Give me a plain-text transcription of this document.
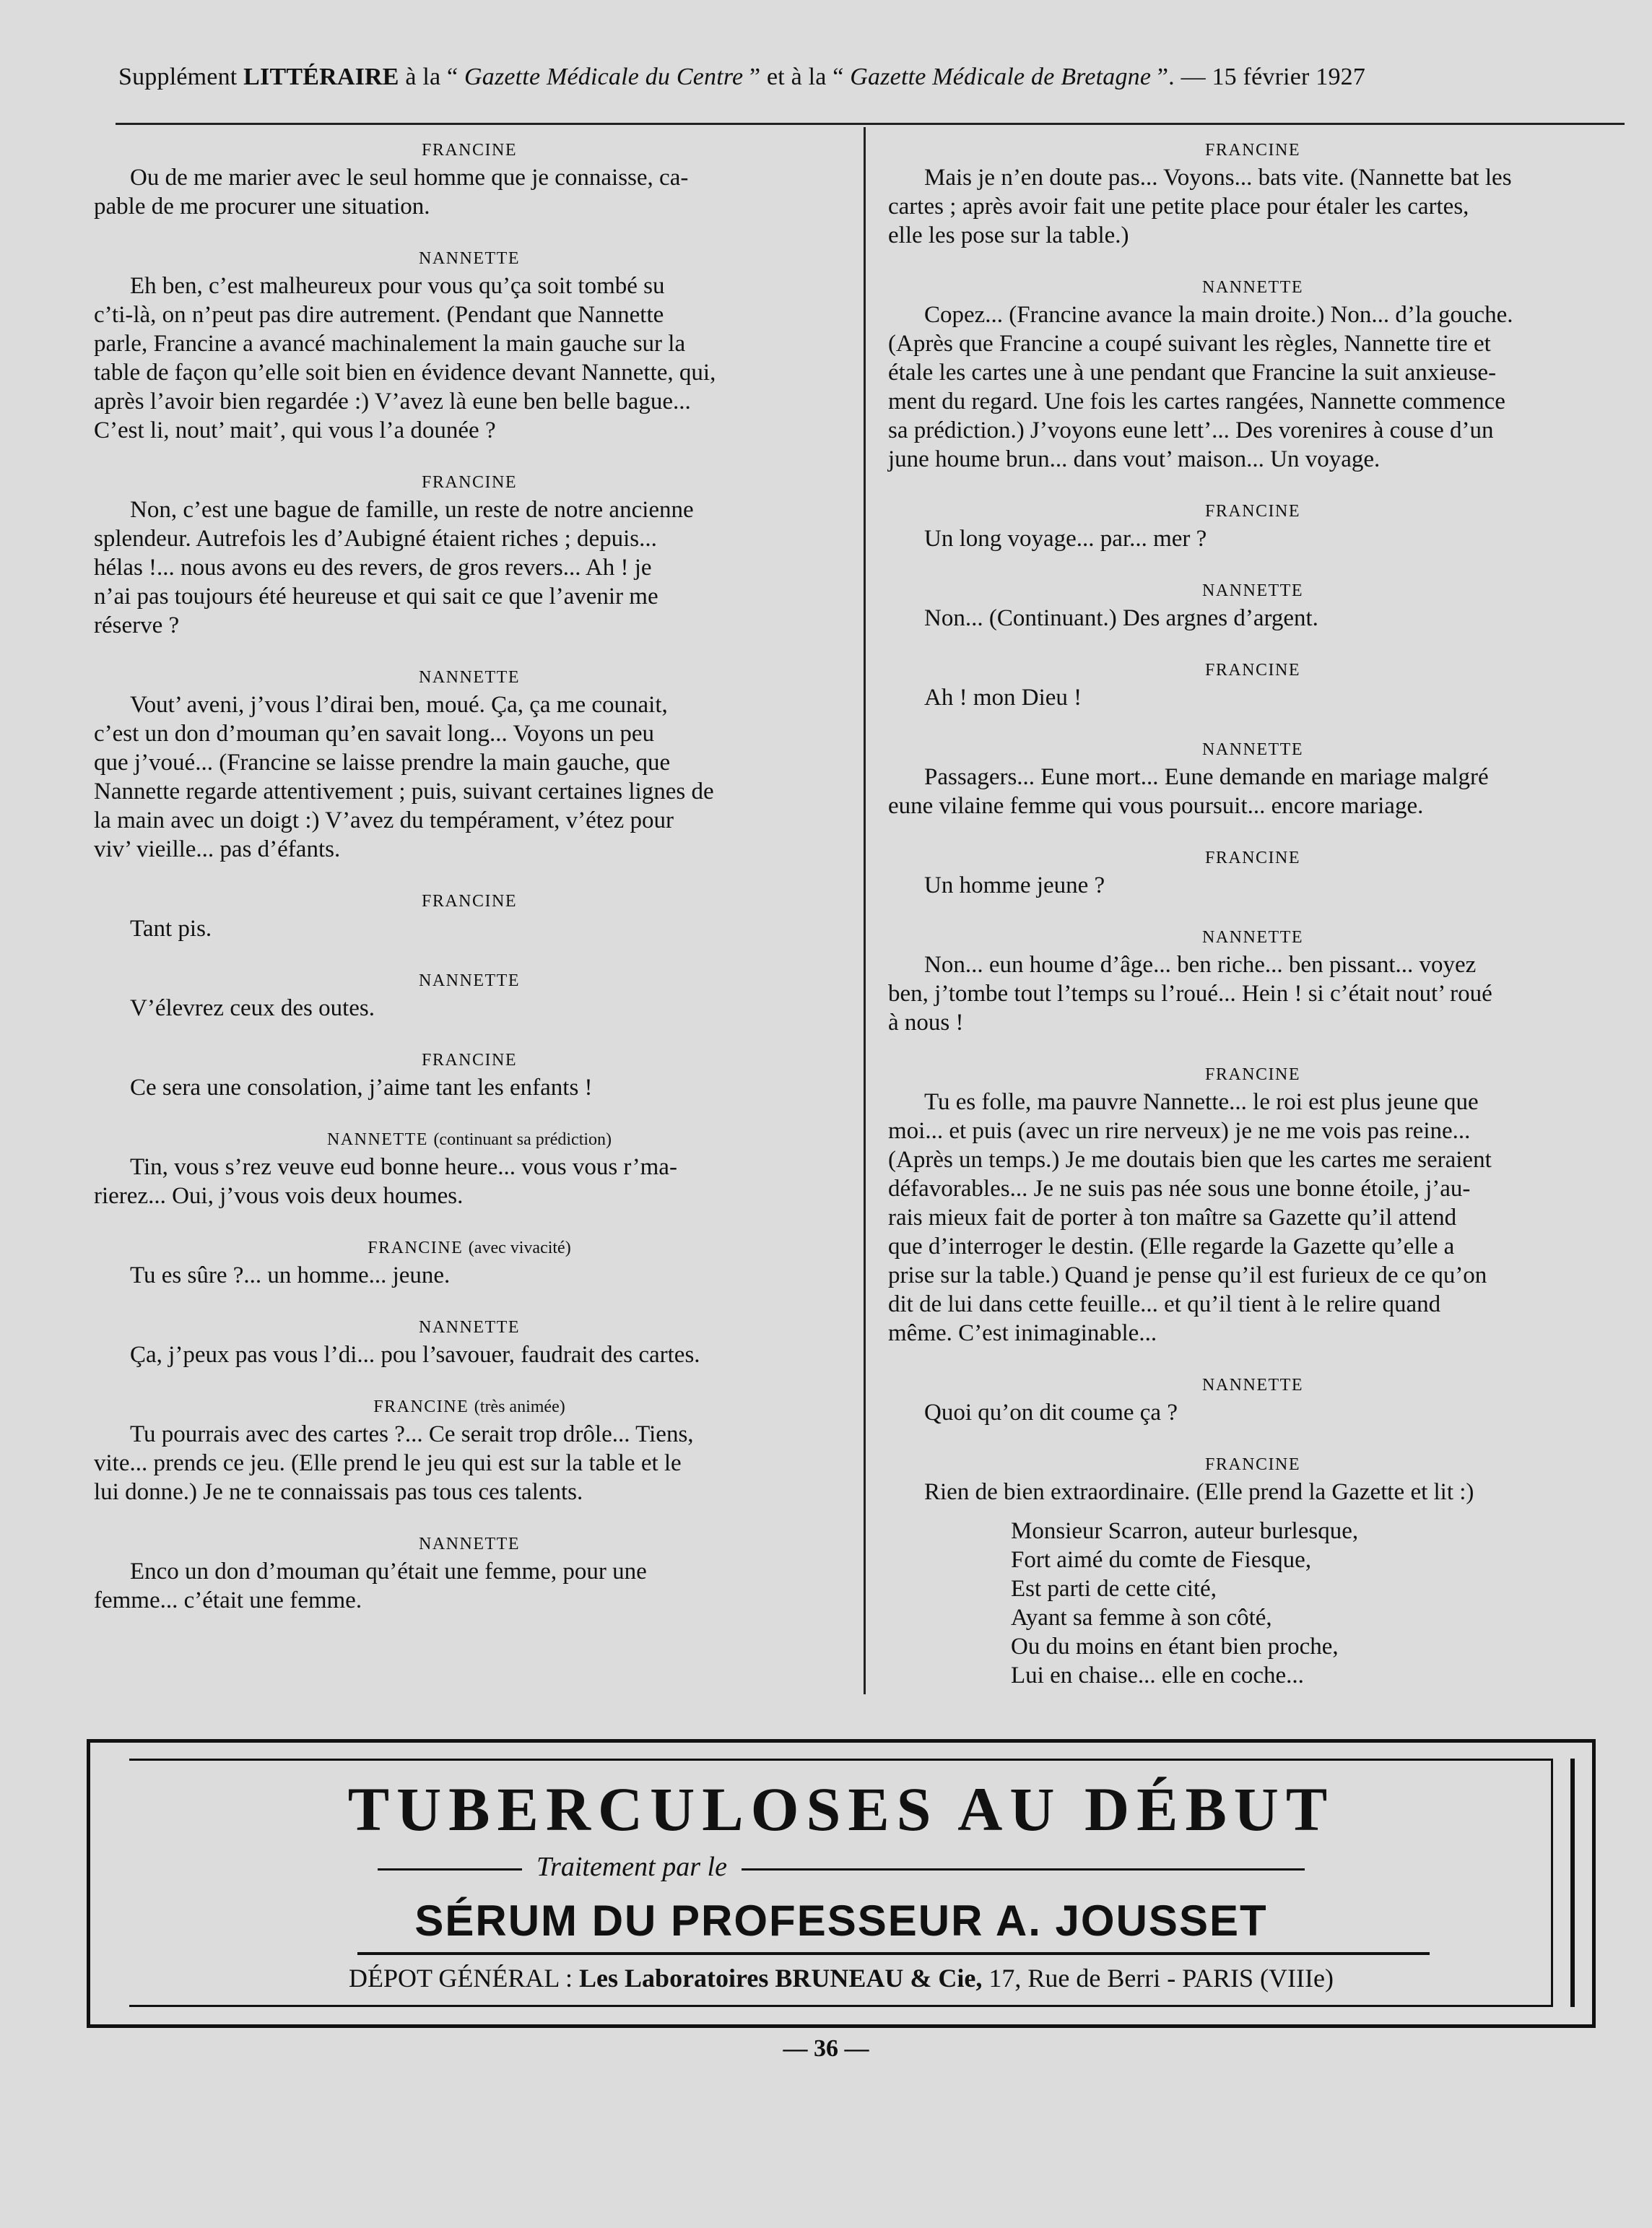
Supplément LITTÉRAIRE à la “ Gazette Médicale du Centre ” et à la “ Gazette Médicale de Bretagne ”. — 15 février 1927

FRANCINE

Ou de me marier avec le seul homme que je connaisse, ca-

pable de me procurer une situation.

NANNETTE

Eh ben, c’est malheureux pour vous qu’ça soit tombé su

c’ti-là, on n’peut pas dire autrement. (Pendant que Nannette

parle, Francine a avancé machinalement la main gauche sur la

table de façon qu’elle soit bien en évidence devant Nannette, qui,

après l’avoir bien regardée :) V’avez là eune ben belle bague...

C’est li, nout’ mait’, qui vous l’a dounée ?

FRANCINE

Non, c’est une bague de famille, un reste de notre ancienne

splendeur. Autrefois les d’Aubigné étaient riches ; depuis...

hélas !... nous avons eu des revers, de gros revers... Ah ! je

n’ai pas toujours été heureuse et qui sait ce que l’avenir me

réserve ?

NANNETTE

Vout’ aveni, j’vous l’dirai ben, moué. Ça, ça me counait,

c’est un don d’mouman qu’en savait long... Voyons un peu

que j’voué... (Francine se laisse prendre la main gauche, que

Nannette regarde attentivement ; puis, suivant certaines lignes de

la main avec un doigt :) V’avez du tempérament, v’étez pour

viv’ vieille... pas d’éfants.

FRANCINE

Tant pis.

NANNETTE

V’élevrez ceux des outes.

FRANCINE

Ce sera une consolation, j’aime tant les enfants !

NANNETTE (continuant sa prédiction)

Tin, vous s’rez veuve eud bonne heure... vous vous r’ma-

rierez... Oui, j’vous vois deux houmes.

FRANCINE (avec vivacité)

Tu es sûre ?... un homme... jeune.

NANNETTE

Ça, j’peux pas vous l’di... pou l’savouer, faudrait des cartes.

FRANCINE (très animée)

Tu pourrais avec des cartes ?... Ce serait trop drôle... Tiens,

vite... prends ce jeu. (Elle prend le jeu qui est sur la table et le

lui donne.) Je ne te connaissais pas tous ces talents.

NANNETTE

Enco un don d’mouman qu’était une femme, pour une

femme... c’était une femme.

FRANCINE

Mais je n’en doute pas... Voyons... bats vite. (Nannette bat les

cartes ; après avoir fait une petite place pour étaler les cartes,

elle les pose sur la table.)

NANNETTE

Copez... (Francine avance la main droite.) Non... d’la gouche.

(Après que Francine a coupé suivant les règles, Nannette tire et

étale les cartes une à une pendant que Francine la suit anxieuse-

ment du regard. Une fois les cartes rangées, Nannette commence

sa prédiction.) J’voyons eune lett’... Des vorenires à couse d’un

june houme brun... dans vout’ maison... Un voyage.

FRANCINE

Un long voyage... par... mer ?

NANNETTE

Non... (Continuant.) Des argnes d’argent.

FRANCINE

Ah ! mon Dieu !

NANNETTE

Passagers... Eune mort... Eune demande en mariage malgré

eune vilaine femme qui vous poursuit... encore mariage.

FRANCINE

Un homme jeune ?

NANNETTE

Non... eun houme d’âge... ben riche... ben pissant... voyez

ben, j’tombe tout l’temps su l’roué... Hein ! si c’était nout’ roué

à nous !

FRANCINE

Tu es folle, ma pauvre Nannette... le roi est plus jeune que

moi... et puis (avec un rire nerveux) je ne me vois pas reine...

(Après un temps.) Je me doutais bien que les cartes me seraient

défavorables... Je ne suis pas née sous une bonne étoile, j’au-

rais mieux fait de porter à ton maître sa Gazette qu’il attend

que d’interroger le destin. (Elle regarde la Gazette qu’elle a

prise sur la table.) Quand je pense qu’il est furieux de ce qu’on

dit de lui dans cette feuille... et qu’il tient à le relire quand

même. C’est inimaginable...

NANNETTE

Quoi qu’on dit coume ça ?

FRANCINE

Rien de bien extraordinaire. (Elle prend la Gazette et lit :)

Monsieur Scarron, auteur burlesque,

Fort aimé du comte de Fiesque,

Est parti de cette cité,

Ayant sa femme à son côté,

Ou du moins en étant bien proche,

Lui en chaise... elle en coche...

TUBERCULOSES AU DÉBUT
Traitement par le
SÉRUM DU PROFESSEUR A. JOUSSET
DÉPOT GÉNÉRAL : Les Laboratoires BRUNEAU & Cie, 17, Rue de Berri - PARIS (VIIIe)
— 36 —
